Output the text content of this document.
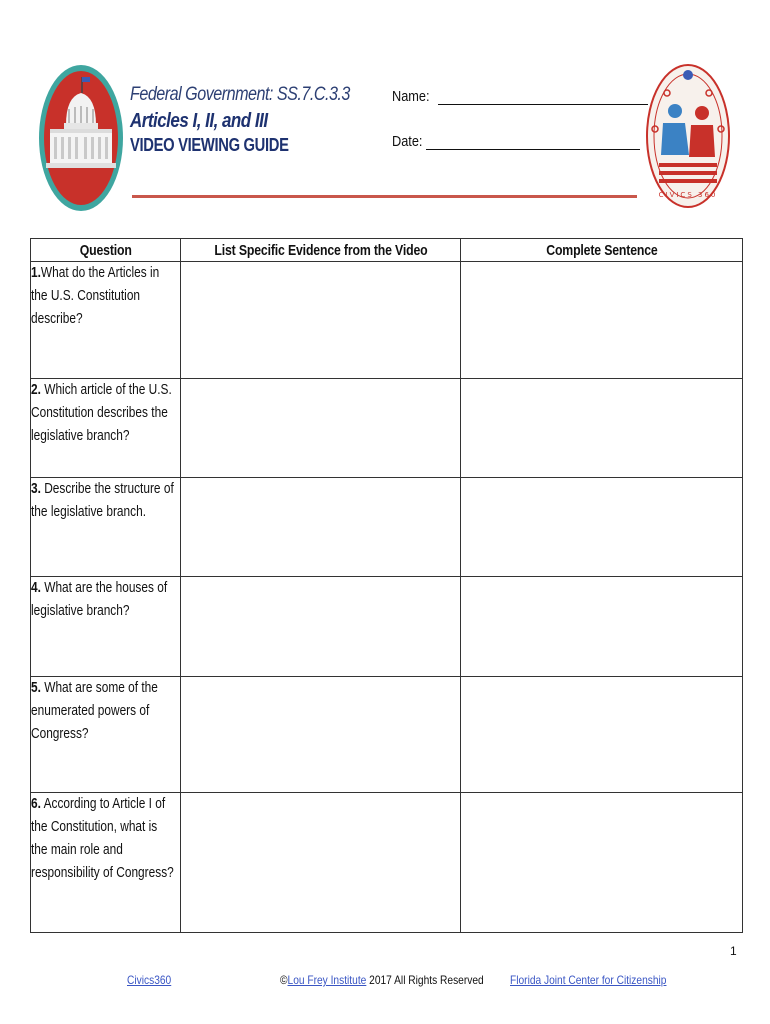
Federal Government: SS.7.C.3.3
Articles I, II, and III
VIDEO VIEWING GUIDE
Name:
Date:
CIVICS 360
Question	List Specific Evidence from the Video	Complete Sentence

1.What do the Articles in the U.S. Constitution describe?		

2. Which article of the U.S. Constitution describes the legislative branch?		

3. Describe the structure of the legislative branch.		

4. What are the houses of legislative branch?		

5. What are some of the enumerated powers of Congress?		

6. According to Article I of the Constitution, what is the main role and responsibility of Congress?		

1
Civics360	©Lou Frey Institute 2017 All Rights Reserved Florida Joint Center for Citizenship
